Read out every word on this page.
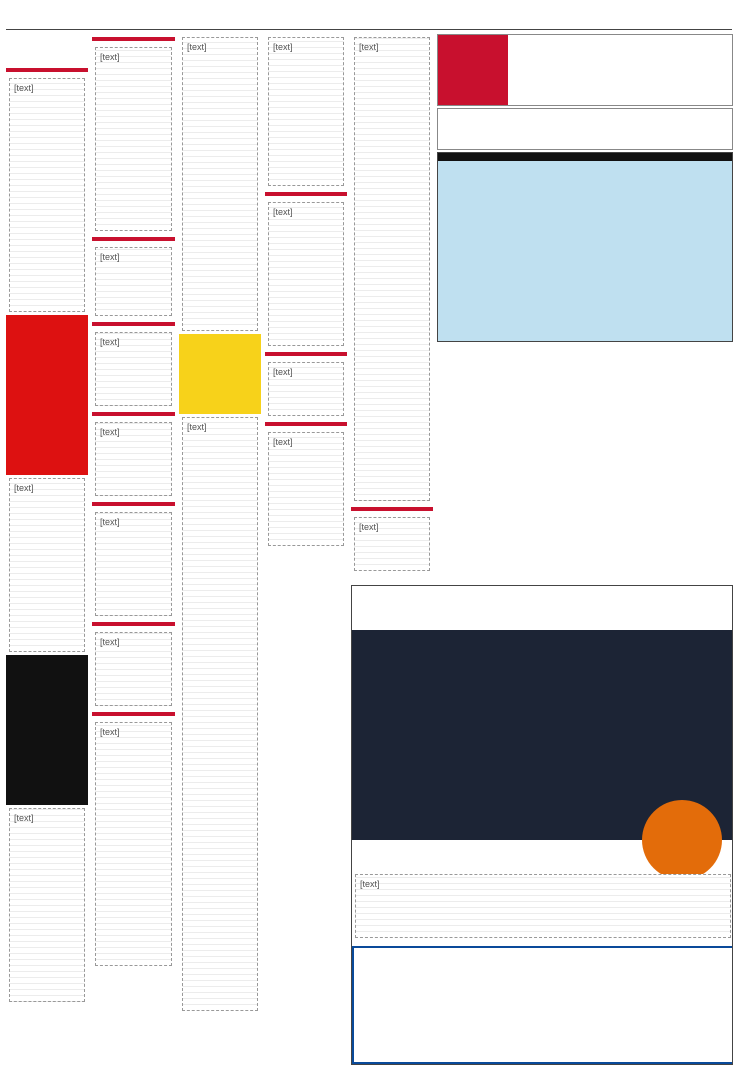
[text]
[text]
[text]
[text]
[text]
[text]
[text]
[text]
[text]
[text]
[text]
[text]
[text]
[text]
[text]
[text]
[text]
[text]
[text]
